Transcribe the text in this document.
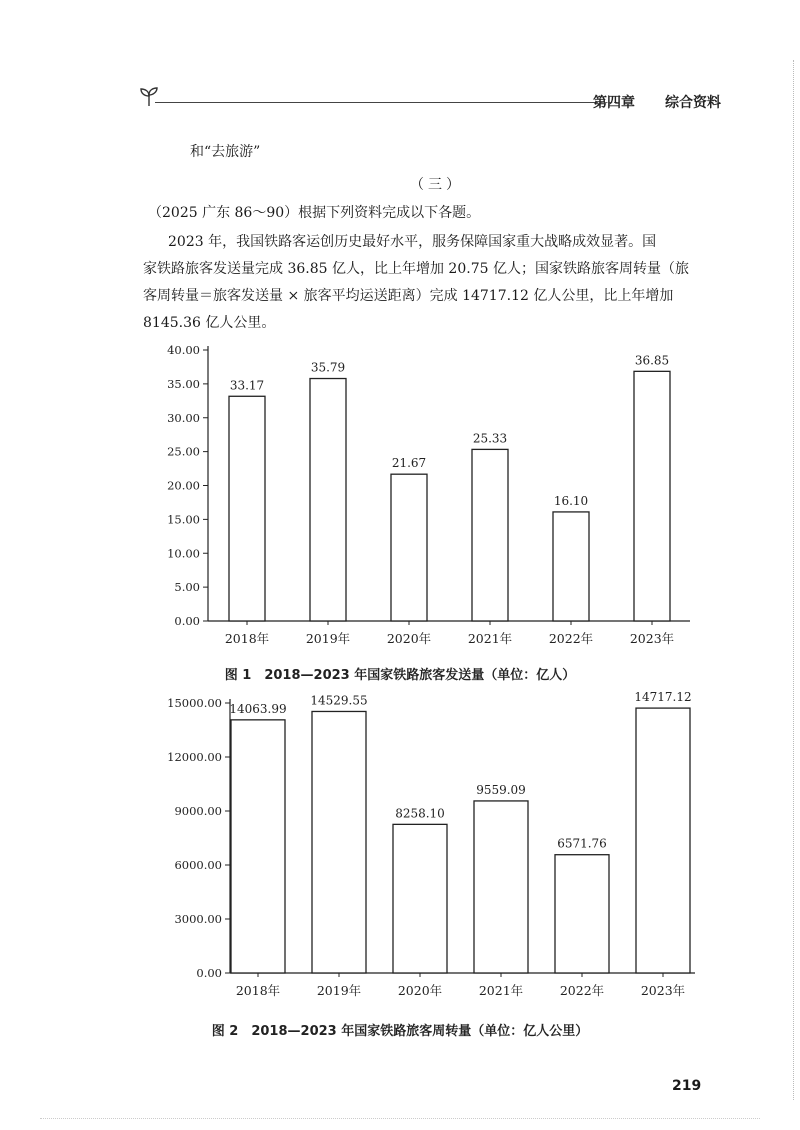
第四章 综合资料
和“去旅游”
（三）
（2025 广东 86～90）根据下列资料完成以下各题。
2023 年，我国铁路客运创历史最好水平，服务保障国家重大战略成效显著。国
家铁路旅客发送量完成 36.85 亿人，比上年增加 20.75 亿人；国家铁路旅客周转量（旅
客周转量＝旅客发送量 × 旅客平均运送距离）完成 14717.12 亿人公里，比上年增加
8145.36 亿人公里。
0.00
5.00
10.00
15.00
20.00
25.00
30.00
35.00
40.00
33.17
2018年
35.79
2019年
21.67
2020年
25.33
2021年
16.10
2022年
36.85
2023年
图 1　2018—2023 年国家铁路旅客发送量（单位：亿人）
0.00
3000.00
6000.00
9000.00
12000.00
15000.00 14063.99
2018年
14529.55
2019年
8258.10
2020年
9559.09
2021年
6571.76
2022年
14717.12
2023年
图 2　2018—2023 年国家铁路旅客周转量（单位：亿人公里）
219
